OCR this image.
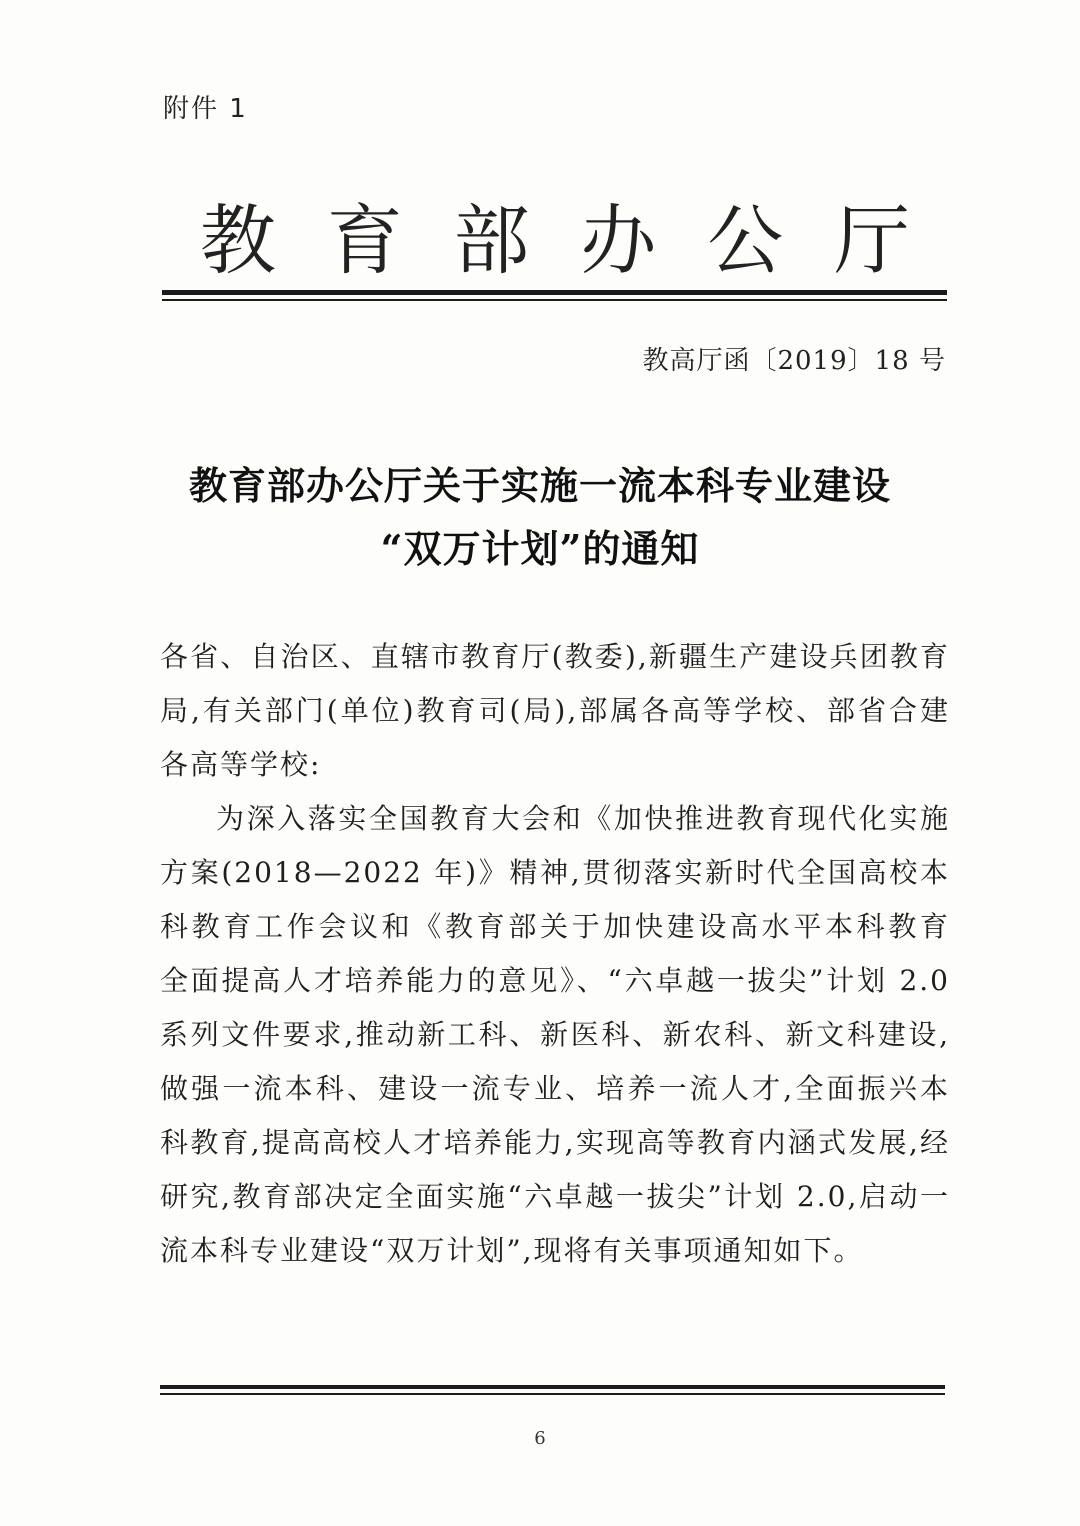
附件 1
教 育 部 办 公 厅
教高厅函〔2019〕18 号
教育部办公厅关于实施一流本科专业建设
“双万计划”的通知
各省、自治区、直辖市教育厅(教委),新疆生产建设兵团教育局,有关部门(单位)教育司(局),部属各高等学校、部省合建各高等学校:
为深入落实全国教育大会和《加快推进教育现代化实施方案(2018—2022 年)》精神,贯彻落实新时代全国高校本科教育工作会议和《教育部关于加快建设高水平本科教育 全面提高人才培养能力的意见》、“六卓越一拔尖”计划 2.0 系列文件要求,推动新工科、新医科、新农科、新文科建设,做强一流本科、建设一流专业、培养一流人才,全面振兴本科教育,提高高校人才培养能力,实现高等教育内涵式发展,经研究,教育部决定全面实施“六卓越一拔尖”计划 2.0,启动一流本科专业建设“双万计划”,现将有关事项通知如下。
6
